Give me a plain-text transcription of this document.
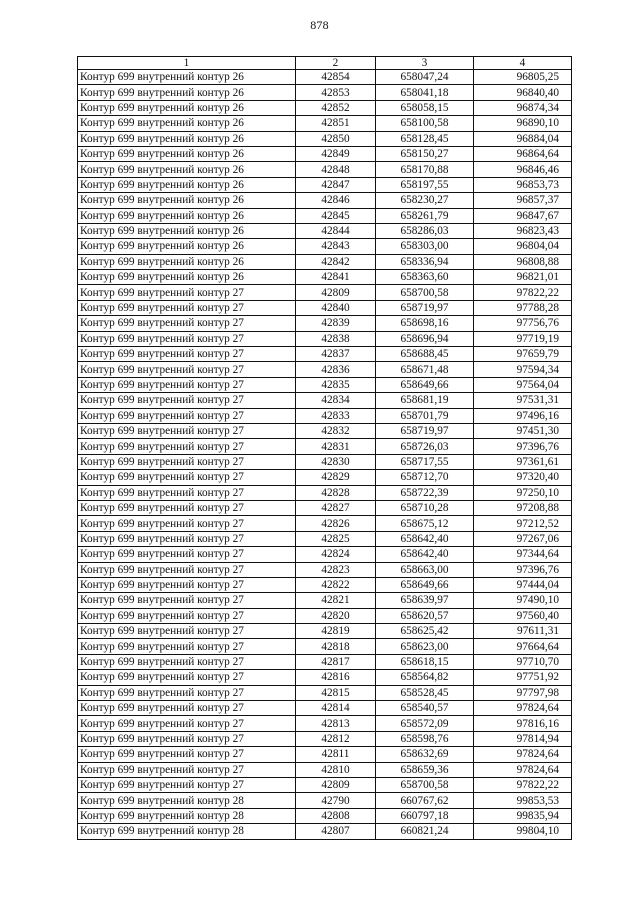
878
1	2	3	4
Контур 699 внутренний контур 26	42854	658047,24	96805,25
Контур 699 внутренний контур 26	42853	658041,18	96840,40
Контур 699 внутренний контур 26	42852	658058,15	96874,34
Контур 699 внутренний контур 26	42851	658100,58	96890,10
Контур 699 внутренний контур 26	42850	658128,45	96884,04
Контур 699 внутренний контур 26	42849	658150,27	96864,64
Контур 699 внутренний контур 26	42848	658170,88	96846,46
Контур 699 внутренний контур 26	42847	658197,55	96853,73
Контур 699 внутренний контур 26	42846	658230,27	96857,37
Контур 699 внутренний контур 26	42845	658261,79	96847,67
Контур 699 внутренний контур 26	42844	658286,03	96823,43
Контур 699 внутренний контур 26	42843	658303,00	96804,04
Контур 699 внутренний контур 26	42842	658336,94	96808,88
Контур 699 внутренний контур 26	42841	658363,60	96821,01
Контур 699 внутренний контур 27	42809	658700,58	97822,22
Контур 699 внутренний контур 27	42840	658719,97	97788,28
Контур 699 внутренний контур 27	42839	658698,16	97756,76
Контур 699 внутренний контур 27	42838	658696,94	97719,19
Контур 699 внутренний контур 27	42837	658688,45	97659,79
Контур 699 внутренний контур 27	42836	658671,48	97594,34
Контур 699 внутренний контур 27	42835	658649,66	97564,04
Контур 699 внутренний контур 27	42834	658681,19	97531,31
Контур 699 внутренний контур 27	42833	658701,79	97496,16
Контур 699 внутренний контур 27	42832	658719,97	97451,30
Контур 699 внутренний контур 27	42831	658726,03	97396,76
Контур 699 внутренний контур 27	42830	658717,55	97361,61
Контур 699 внутренний контур 27	42829	658712,70	97320,40
Контур 699 внутренний контур 27	42828	658722,39	97250,10
Контур 699 внутренний контур 27	42827	658710,28	97208,88
Контур 699 внутренний контур 27	42826	658675,12	97212,52
Контур 699 внутренний контур 27	42825	658642,40	97267,06
Контур 699 внутренний контур 27	42824	658642,40	97344,64
Контур 699 внутренний контур 27	42823	658663,00	97396,76
Контур 699 внутренний контур 27	42822	658649,66	97444,04
Контур 699 внутренний контур 27	42821	658639,97	97490,10
Контур 699 внутренний контур 27	42820	658620,57	97560,40
Контур 699 внутренний контур 27	42819	658625,42	97611,31
Контур 699 внутренний контур 27	42818	658623,00	97664,64
Контур 699 внутренний контур 27	42817	658618,15	97710,70
Контур 699 внутренний контур 27	42816	658564,82	97751,92
Контур 699 внутренний контур 27	42815	658528,45	97797,98
Контур 699 внутренний контур 27	42814	658540,57	97824,64
Контур 699 внутренний контур 27	42813	658572,09	97816,16
Контур 699 внутренний контур 27	42812	658598,76	97814,94
Контур 699 внутренний контур 27	42811	658632,69	97824,64
Контур 699 внутренний контур 27	42810	658659,36	97824,64
Контур 699 внутренний контур 27	42809	658700,58	97822,22
Контур 699 внутренний контур 28	42790	660767,62	99853,53
Контур 699 внутренний контур 28	42808	660797,18	99835,94
Контур 699 внутренний контур 28	42807	660821,24	99804,10
